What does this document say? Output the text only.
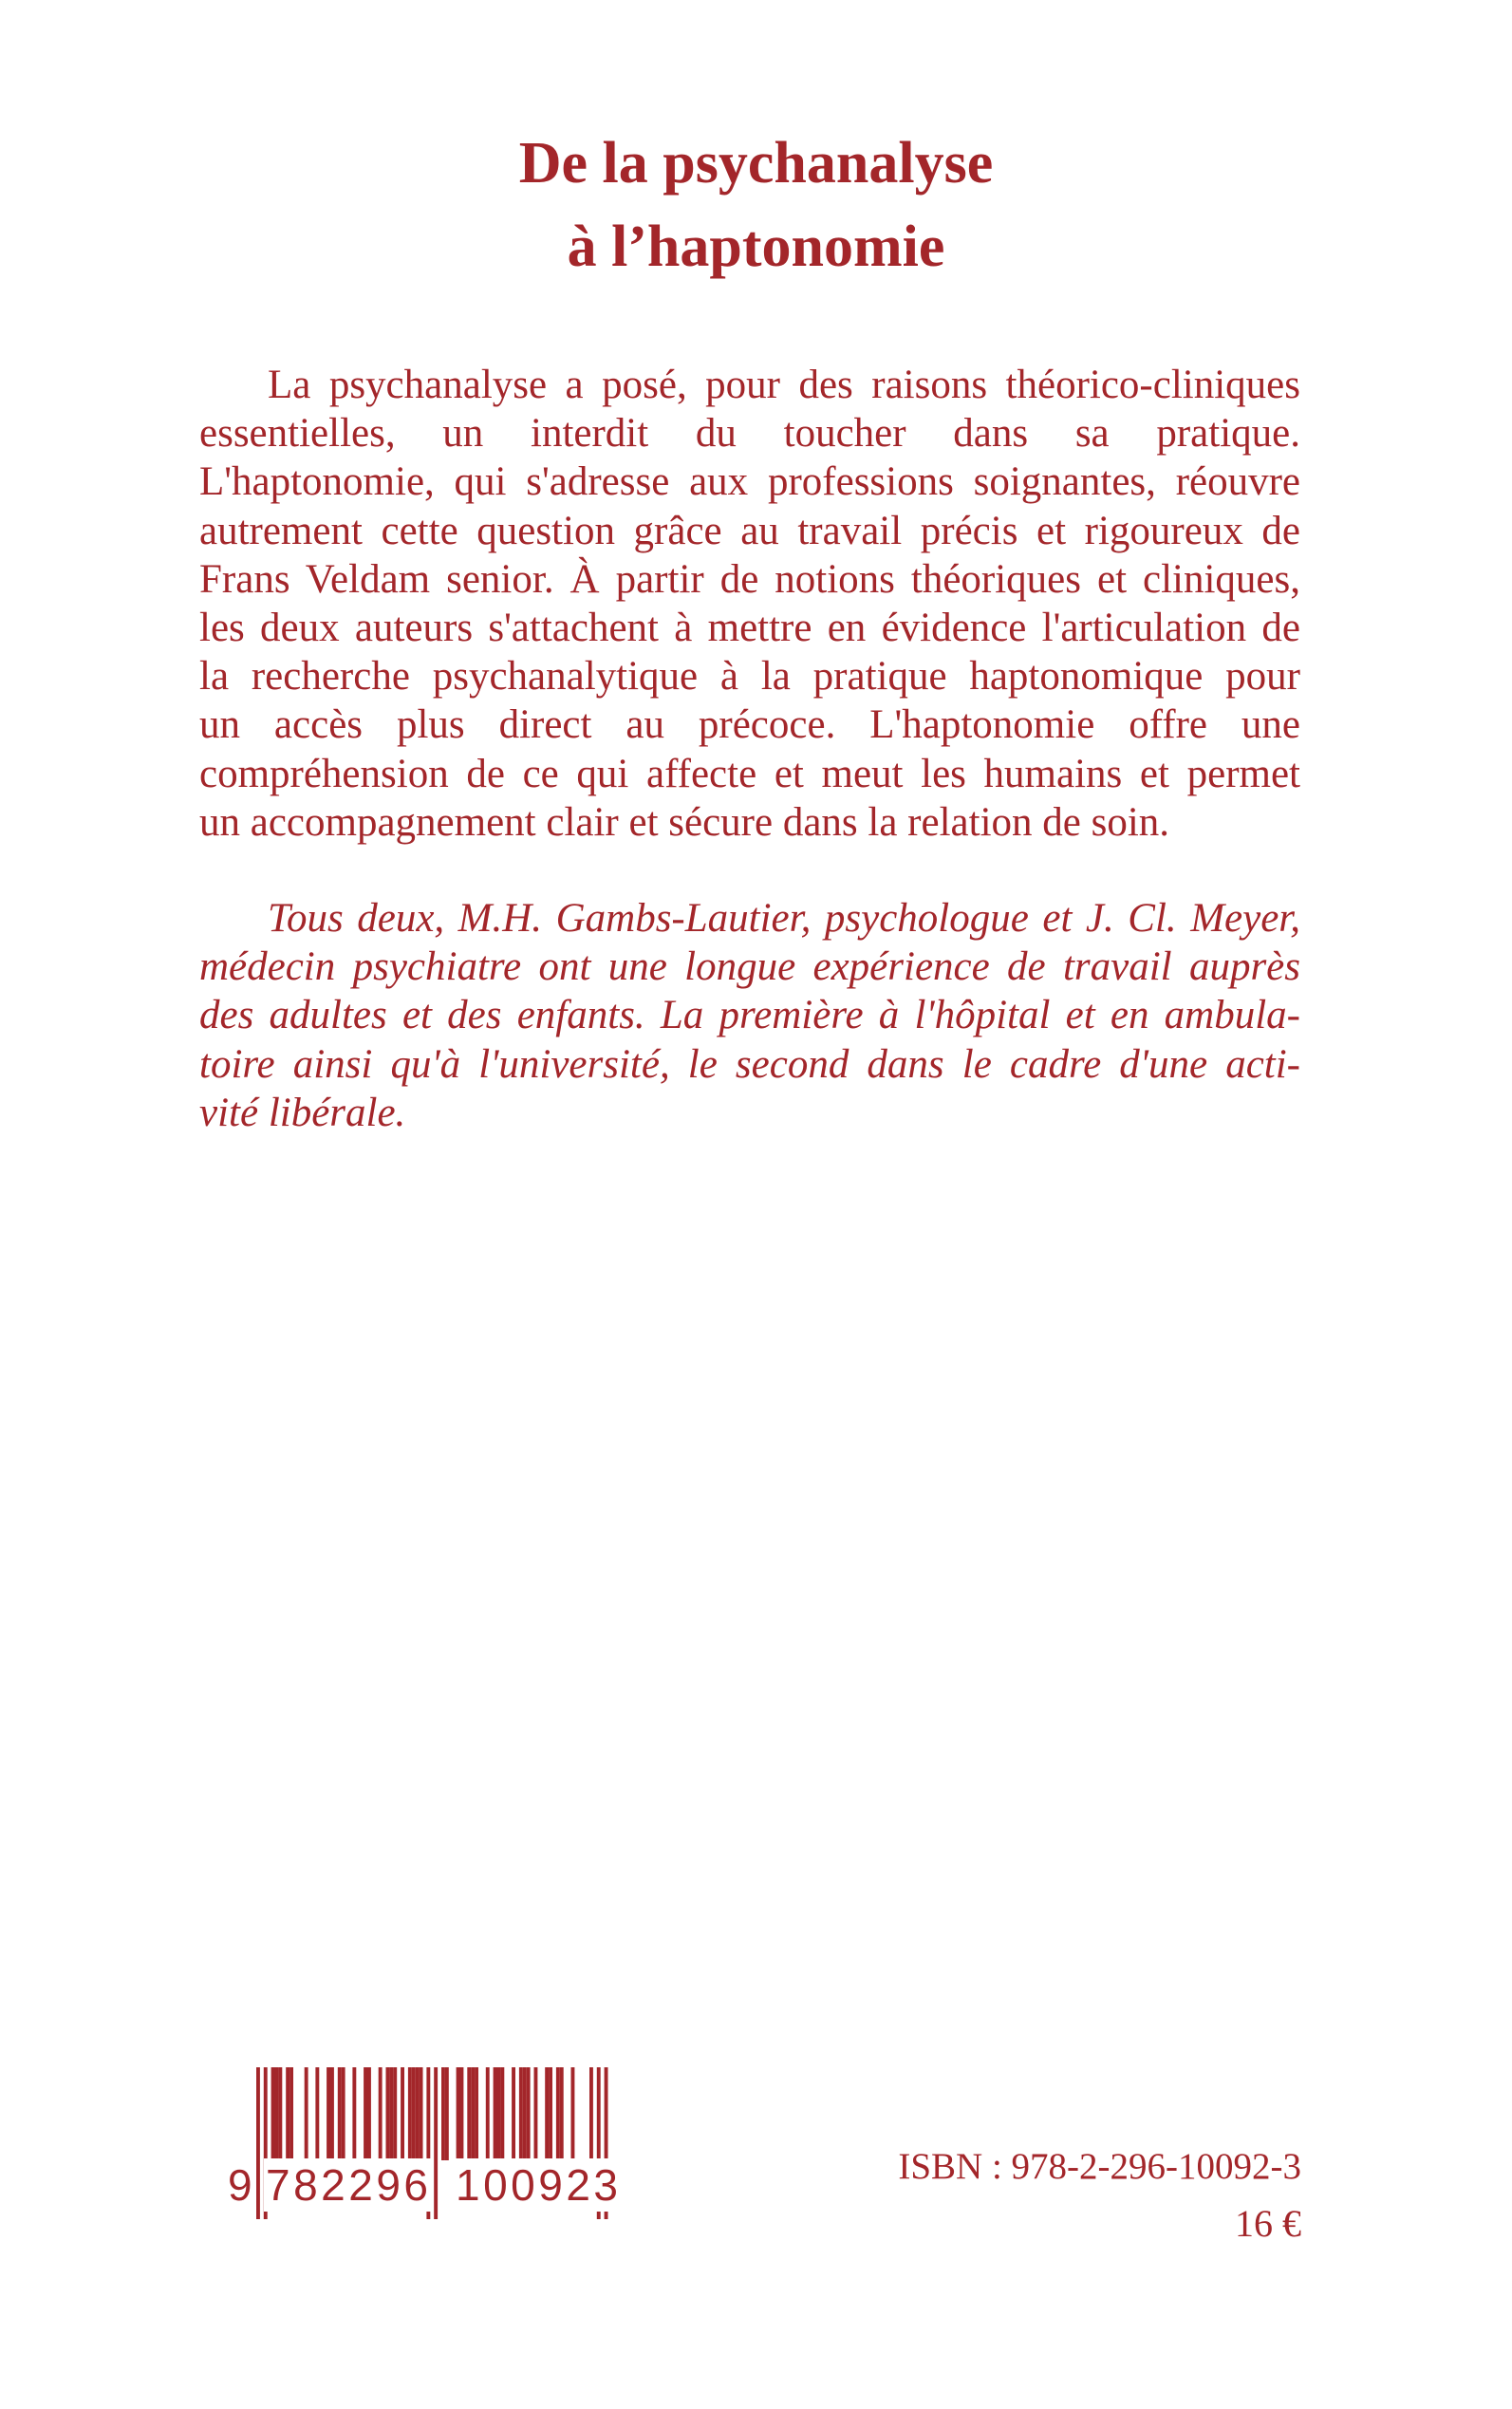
De la psychanalyse
à l’haptonomie

La psychanalyse a posé, pour des raisons théorico-cliniques
essentielles, un interdit du toucher dans sa pratique.
L'haptonomie, qui s'adresse aux professions soignantes, réouvre
autrement cette question grâce au travail précis et rigoureux de
Frans Veldam senior. À partir de notions théoriques et cliniques,
les deux auteurs s'attachent à mettre en évidence l'articulation de
la recherche psychanalytique à la pratique haptonomique pour
un accès plus direct au précoce. L'haptonomie offre une
compréhension de ce qui affecte et meut les humains et permet
un accompagnement clair et sécure dans la relation de soin.

Tous deux, M.H. Gambs-Lautier, psychologue et J. Cl. Meyer,
médecin psychiatre ont une longue expérience de travail auprès
des adultes et des enfants. La première à l'hôpital et en ambula-
toire ainsi qu'à l'université, le second dans le cadre d'une acti-
vité libérale.

9 782296 100923	ISBN : 978-2-296-10092-3
16 €
